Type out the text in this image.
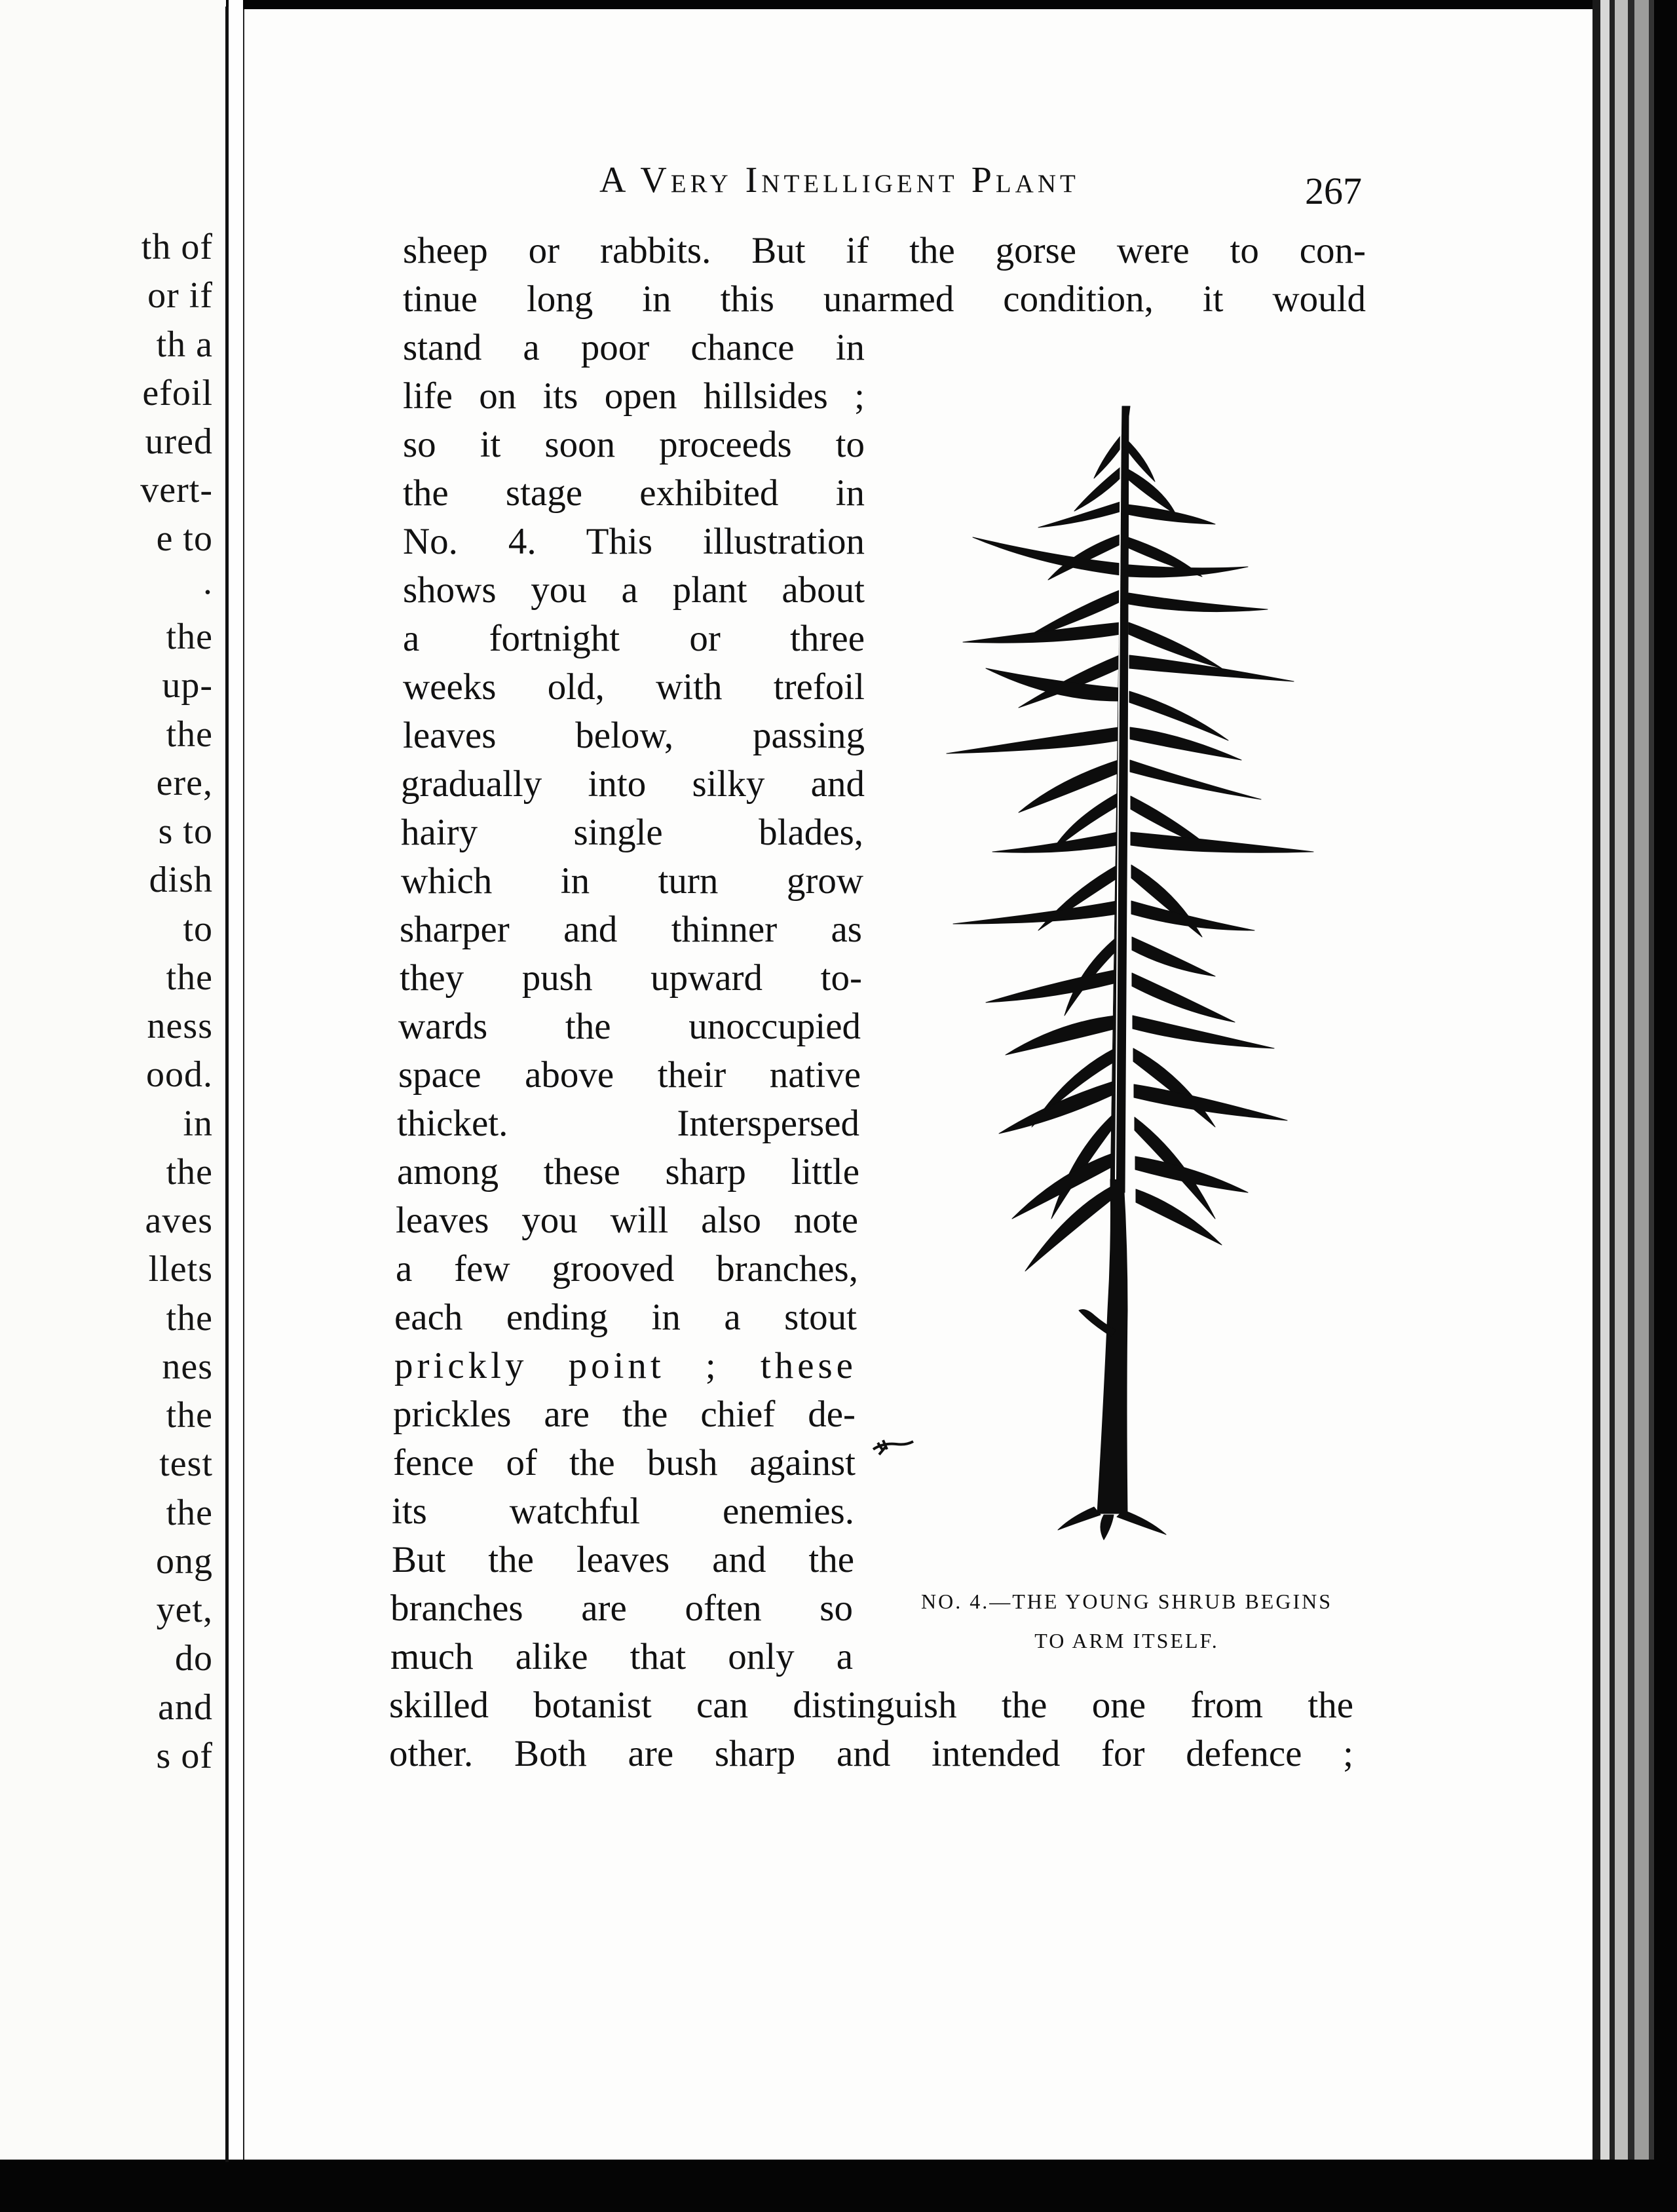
th of

or if

th a

efoil

ured

vert-

e to

.

the

up-

the

ere,

s to

dish

to

the

ness

ood.

in

the

aves

llets

the

nes

the

test

the

ong

yet,

do

and

s of

A Very Intelligent Plant	267

sheep or rabbits. But if the gorse were to con-

tinue long in this unarmed condition, it would

stand a poor chance in

life on its open hillsides ;

so it soon proceeds to

the stage exhibited in

No. 4. This illustration

shows you a plant about

a fortnight or three

weeks old, with trefoil

leaves below, passing

gradually into silky and

hairy single blades,

which in turn grow

sharper and thinner as

they push upward to-

wards the unoccupied

space above their native

thicket. Interspersed

among these sharp little

leaves you will also note

a few grooved branches,

each ending in a stout

prickly point ; these

prickles are the chief de-

fence of the bush against

its watchful enemies.

But the leaves and the

branches are often so

much alike that only a

skilled botanist can distinguish the one from the

other. Both are sharp and intended for defence ;

NO. 4.—THE YOUNG SHRUB BEGINS

TO ARM ITSELF.
